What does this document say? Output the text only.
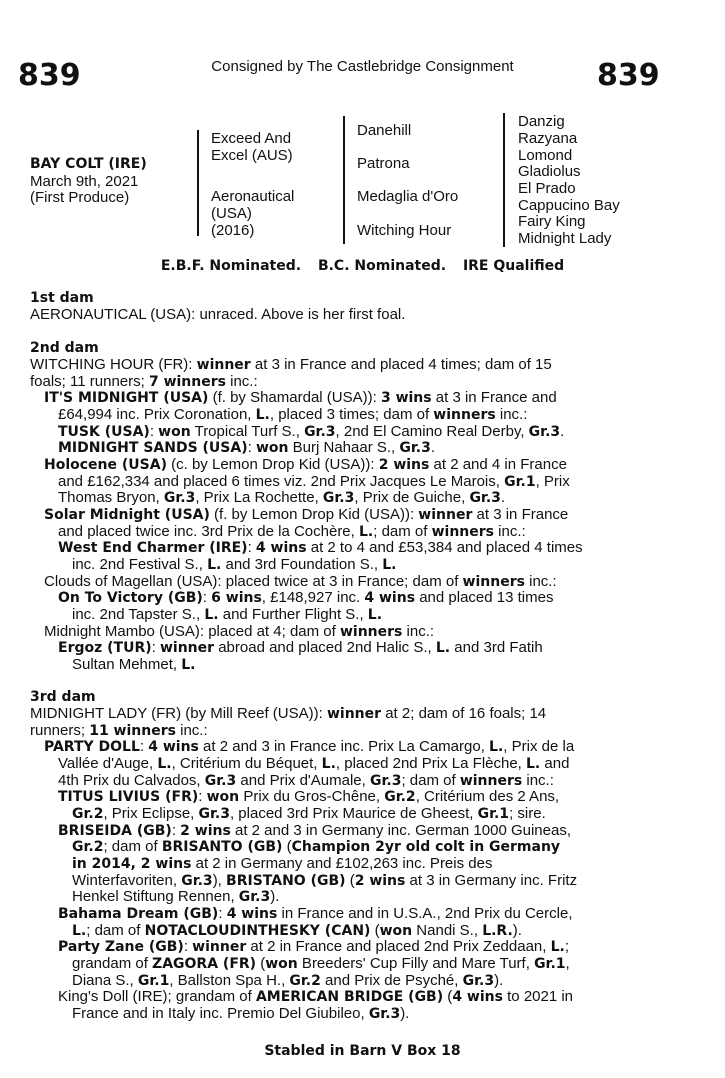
839	Consigned by The Castlebridge Consignment	839
BAY COLT (IRE)
March 9th, 2021
(First Produce)
Exceed And
Excel (AUS)
Aeronautical
(USA)
(2016)
Danehill
Patrona
Medaglia d'Oro
Witching Hour
Danzig
Razyana
Lomond
Gladiolus
El Prado
Cappucino Bay
Fairy King
Midnight Lady
E.B.F. Nominated. B.C. Nominated. IRE Qualified
1st dam
AERONAUTICAL (USA): unraced. Above is her first foal.
2nd dam
3rd dam
Stabled in Barn V Box 18
WITCHING HOUR (FR): winner at 3 in France and placed 4 times; dam of 15
foals; 11 runners; 7 winners inc.:
IT'S MIDNIGHT (USA) (f. by Shamardal (USA)): 3 wins at 3 in France and
£64,994 inc. Prix Coronation, L., placed 3 times; dam of winners inc.:
TUSK (USA): won Tropical Turf S., Gr.3, 2nd El Camino Real Derby, Gr.3.
MIDNIGHT SANDS (USA): won Burj Nahaar S., Gr.3.
Holocene (USA) (c. by Lemon Drop Kid (USA)): 2 wins at 2 and 4 in France
and £162,334 and placed 6 times viz. 2nd Prix Jacques Le Marois, Gr.1, Prix
Thomas Bryon, Gr.3, Prix La Rochette, Gr.3, Prix de Guiche, Gr.3.
Solar Midnight (USA) (f. by Lemon Drop Kid (USA)): winner at 3 in France
and placed twice inc. 3rd Prix de la Cochère, L.; dam of winners inc.:
West End Charmer (IRE): 4 wins at 2 to 4 and £53,384 and placed 4 times
inc. 2nd Festival S., L. and 3rd Foundation S., L.
Clouds of Magellan (USA): placed twice at 3 in France; dam of winners inc.:
On To Victory (GB): 6 wins, £148,927 inc. 4 wins and placed 13 times
inc. 2nd Tapster S., L. and Further Flight S., L.
Midnight Mambo (USA): placed at 4; dam of winners inc.:
Ergoz (TUR): winner abroad and placed 2nd Halic S., L. and 3rd Fatih
Sultan Mehmet, L.
MIDNIGHT LADY (FR) (by Mill Reef (USA)): winner at 2; dam of 16 foals; 14
runners; 11 winners inc.:
PARTY DOLL: 4 wins at 2 and 3 in France inc. Prix La Camargo, L., Prix de la
Vallée d'Auge, L., Critérium du Béquet, L., placed 2nd Prix La Flèche, L. and
4th Prix du Calvados, Gr.3 and Prix d'Aumale, Gr.3; dam of winners inc.:
TITUS LIVIUS (FR): won Prix du Gros-Chêne, Gr.2, Critérium des 2 Ans,
Gr.2, Prix Eclipse, Gr.3, placed 3rd Prix Maurice de Gheest, Gr.1; sire.
BRISEIDA (GB): 2 wins at 2 and 3 in Germany inc. German 1000 Guineas,
Gr.2; dam of BRISANTO (GB) (Champion 2yr old colt in Germany
in 2014, 2 wins at 2 in Germany and £102,263 inc. Preis des
Winterfavoriten, Gr.3), BRISTANO (GB) (2 wins at 3 in Germany inc. Fritz
Henkel Stiftung Rennen, Gr.3).
Bahama Dream (GB): 4 wins in France and in U.S.A., 2nd Prix du Cercle,
L.; dam of NOTACLOUDINTHESKY (CAN) (won Nandi S., L.R.).
Party Zane (GB): winner at 2 in France and placed 2nd Prix Zeddaan, L.;
grandam of ZAGORA (FR) (won Breeders' Cup Filly and Mare Turf, Gr.1,
Diana S., Gr.1, Ballston Spa H., Gr.2 and Prix de Psyché, Gr.3).
King's Doll (IRE); grandam of AMERICAN BRIDGE (GB) (4 wins to 2021 in
France and in Italy inc. Premio Del Giubileo, Gr.3).
